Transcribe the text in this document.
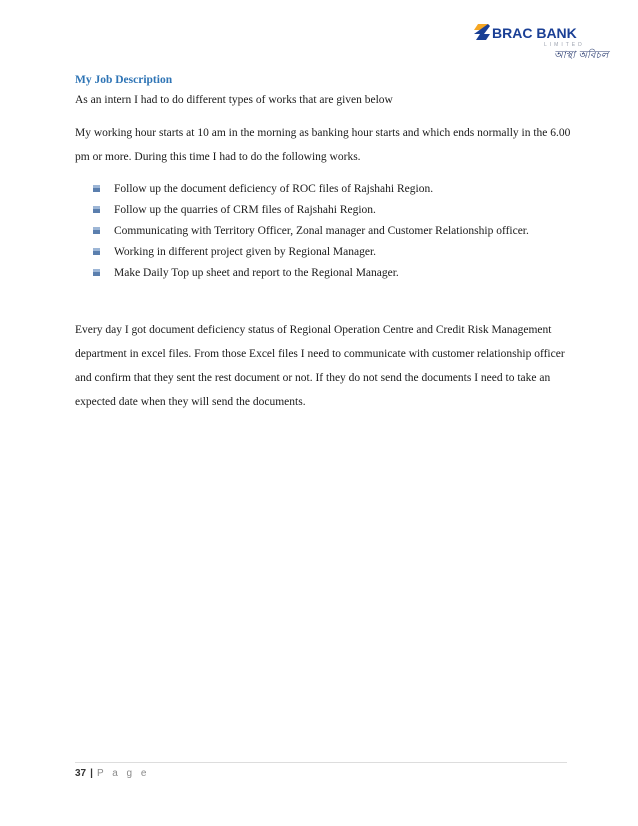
BRAC BANK
LIMITED
আস্থা অবিচল
My Job Description

As an intern I had to do different types of works that are given below

My working hour starts at 10 am in the morning as banking hour starts and which ends normally in the 6.00 pm or more. During this time I had to do the following works.

Follow up the document deficiency of ROC files of Rajshahi Region.
Follow up the quarries of CRM files of Rajshahi Region.
Communicating with Territory Officer, Zonal manager and Customer Relationship officer.
Working in different project given by Regional Manager.
Make Daily Top up sheet and report to the Regional Manager.

Every day I got document deficiency status of Regional Operation Centre and Credit Risk Management department in excel files. From those Excel files I need to communicate with customer relationship officer and confirm that they sent the rest document or not. If they do not send the documents I need to take an expected date when they will send the documents.

37 | P a g e
